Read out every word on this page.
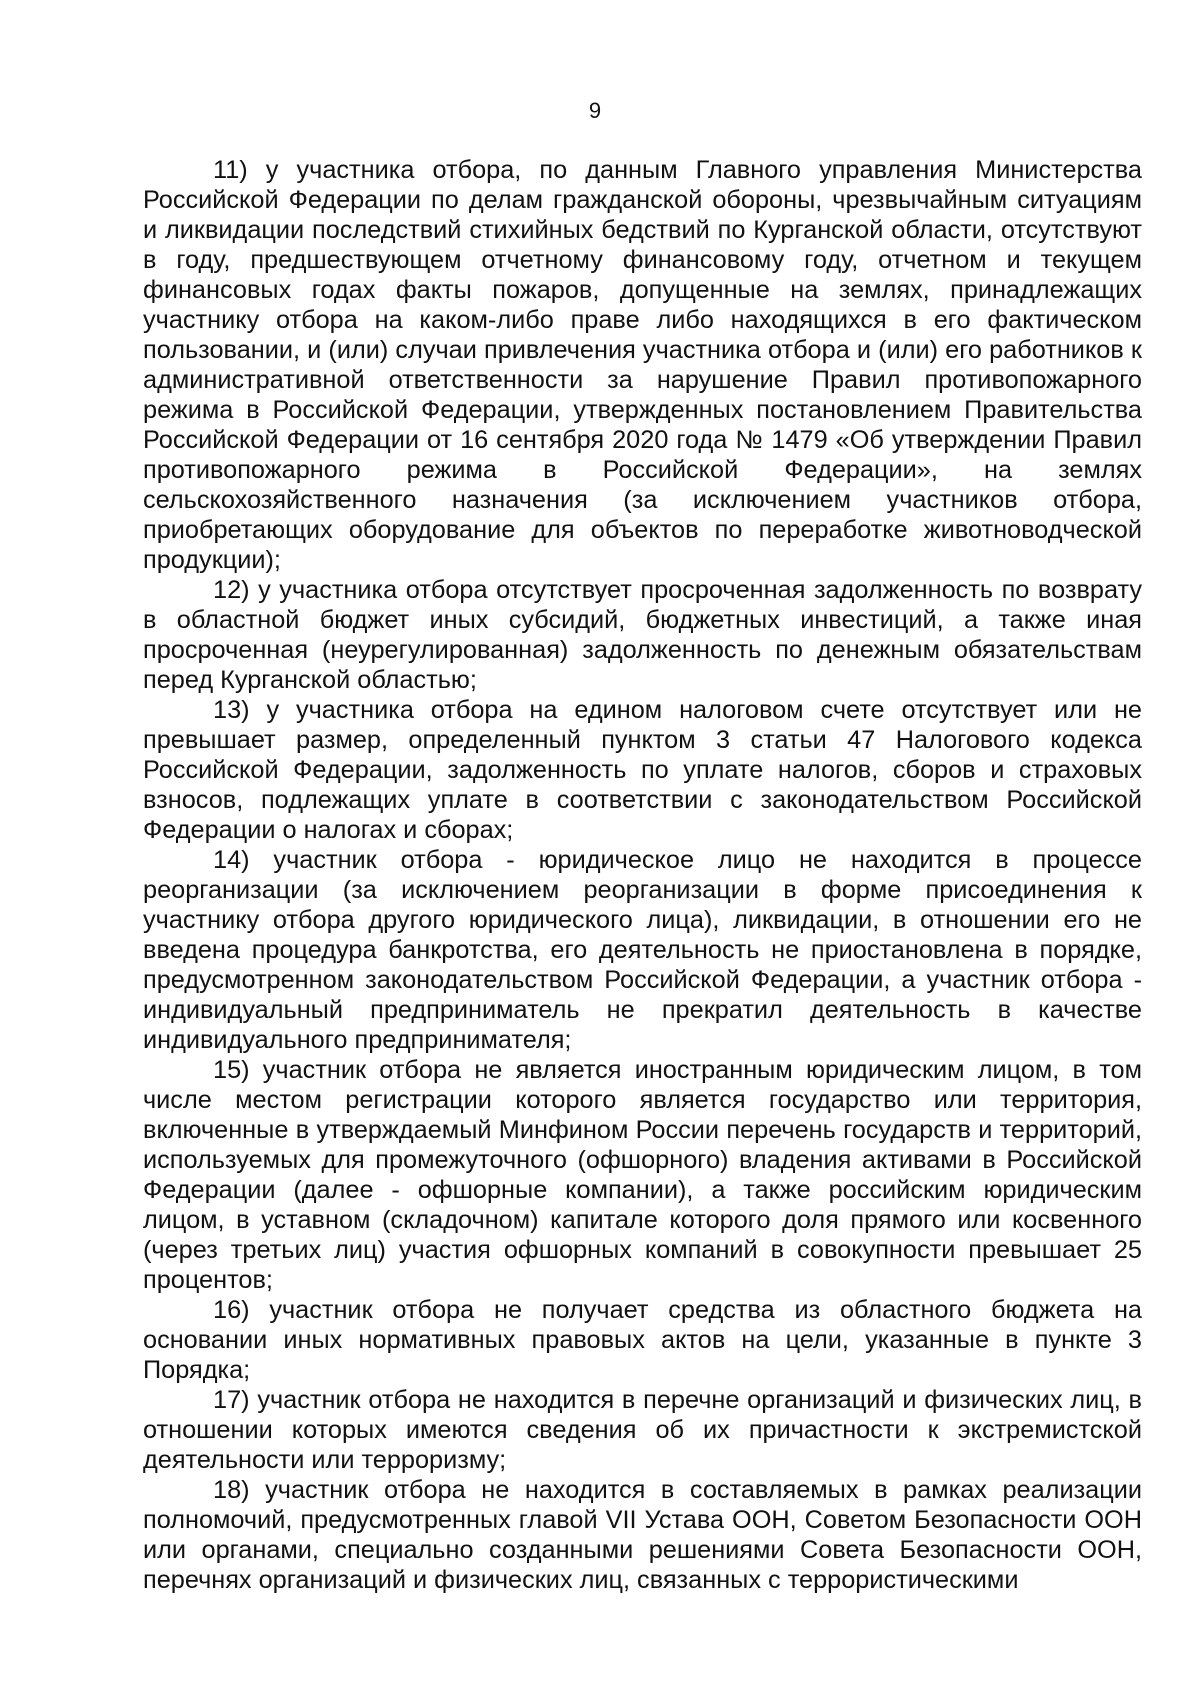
9

11) у участника отбора, по данным Главного управления Министерства Российской Федерации по делам гражданской обороны, чрезвычайным ситуациям и ликвидации последствий стихийных бедствий по Курганской области, отсутствуют в году, предшествующем отчетному финансовому году, отчетном и текущем финансовых годах факты пожаров, допущенные на землях, принадлежащих участнику отбора на каком-либо праве либо находящихся в его фактическом пользовании, и (или) случаи привлечения участника отбора и (или) его работников к административной ответственности за нарушение Правил противопожарного режима в Российской Федерации, утвержденных постановлением Правительства Российской Федерации от 16 сентября 2020 года № 1479 «Об утверждении Правил противопожарного режима в Российской Федерации», на землях сельскохозяйственного назначения (за исключением участников отбора, приобретающих оборудование для объектов по переработке животноводческой продукции);

12) у участника отбора отсутствует просроченная задолженность по возврату в областной бюджет иных субсидий, бюджетных инвестиций, а также иная просроченная (неурегулированная) задолженность по денежным обязательствам перед Курганской областью;

13) у участника отбора на едином налоговом счете отсутствует или не превышает размер, определенный пунктом 3 статьи 47 Налогового кодекса Российской Федерации, задолженность по уплате налогов, сборов и страховых взносов, подлежащих уплате в соответствии с законодательством Российской Федерации о налогах и сборах;

14) участник отбора - юридическое лицо не находится в процессе реорганизации (за исключением реорганизации в форме присоединения к участнику отбора другого юридического лица), ликвидации, в отношении его не введена процедура банкротства, его деятельность не приостановлена в порядке, предусмотренном законодательством Российской Федерации, а участник отбора - индивидуальный предприниматель не прекратил деятельность в качестве индивидуального предпринимателя;

15) участник отбора не является иностранным юридическим лицом, в том числе местом регистрации которого является государство или территория, включенные в утверждаемый Минфином России перечень государств и территорий, используемых для промежуточного (офшорного) владения активами в Российской Федерации (далее - офшорные компании), а также российским юридическим лицом, в уставном (складочном) капитале которого доля прямого или косвенного (через третьих лиц) участия офшорных компаний в совокупности превышает 25 процентов;

16) участник отбора не получает средства из областного бюджета на основании иных нормативных правовых актов на цели, указанные в пункте 3 Порядка;

17) участник отбора не находится в перечне организаций и физических лиц, в отношении которых имеются сведения об их причастности к экстремистской деятельности или терроризму;

18) участник отбора не находится в составляемых в рамках реализации полномочий, предусмотренных главой VII Устава ООН, Советом Безопасности ООН или органами, специально созданными решениями Совета Безопасности ООН, перечнях организаций и физических лиц, связанных с террористическими
